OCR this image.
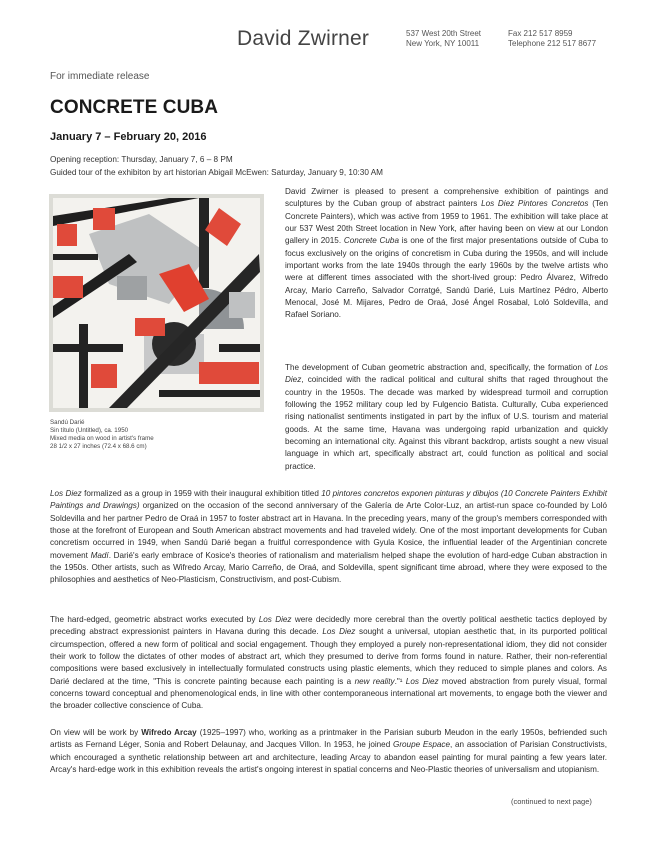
David Zwirner	537 West 20th Street
New York, NY 10011
Fax 212 517 8959
Telephone 212 517 8677
For immediate release
CONCRETE CUBA
January 7 – February 20, 2016
Opening reception: Thursday, January 7, 6 – 8 PM
Guided tour of the exhibiton by art historian Abigail McEwen: Saturday, January 9, 10:30 AM
Sandú Darié
Sin título (Untitled), ca. 1950
Mixed media on wood in artist's frame
28 1/2 x 27 inches (72.4 x 68.6 cm)

David Zwirner is pleased to present a comprehensive exhibition of paintings and sculptures by the Cuban group of abstract painters Los Diez Pintores Concretos (Ten Concrete Painters), which was active from 1959 to 1961. The exhibition will take place at our 537 West 20th Street location in New York, after having been on view at our London gallery in 2015. Concrete Cuba is one of the first major presentations outside of Cuba to focus exclusively on the origins of concretism in Cuba during the 1950s, and will include important works from the late 1940s through the early 1960s by the twelve artists who were at different times associated with the short-lived group: Pedro Álvarez, Wifredo Arcay, Mario Carreño, Salvador Corratgé, Sandú Darié, Luis Martínez Pédro, Alberto Menocal, José M. Mijares, Pedro de Oraá, José Ángel Rosabal, Loló Soldevilla, and Rafael Soriano.

The development of Cuban geometric abstraction and, specifically, the formation of Los Diez, coincided with the radical political and cultural shifts that raged throughout the country in the 1950s. The decade was marked by widespread turmoil and corruption following the 1952 military coup led by Fulgencio Batista. Culturally, Cuba experienced rising nationalist sentiments instigated in part by the influx of U.S. tourism and material goods. At the same time, Havana was undergoing rapid urbanization and quickly becoming an international city. Against this vibrant backdrop, artists sought a new visual language in which art, specifically abstract art, could function as political and social practice.

Los Diez formalized as a group in 1959 with their inaugural exhibition titled 10 pintores concretos exponen pinturas y dibujos (10 Concrete Painters Exhibit Paintings and Drawings) organized on the occasion of the second anniversary of the Galería de Arte Color-Luz, an artist-run space co-founded by Loló Soldevilla and her partner Pedro de Oraá in 1957 to foster abstract art in Havana. In the preceding years, many of the group's members corresponded with those at the forefront of European and South American abstract movements and had traveled widely. One of the most important developments for Cuban concretism occurred in 1949, when Sandú Darié began a fruitful correspondence with Gyula Kosice, the influential leader of the Argentinian concrete movement Madí. Darié's early embrace of Kosice's theories of rationalism and materialism helped shape the evolution of hard-edge Cuban abstraction in the 1950s. Other artists, such as Wifredo Arcay, Mario Carreño, de Oraá, and Soldevilla, spent significant time abroad, where they were exposed to the philosophies and aesthetics of Neo-Plasticism, Constructivism, and post-Cubism.

The hard-edged, geometric abstract works executed by Los Diez were decidedly more cerebral than the overtly political aesthetic tactics deployed by preceding abstract expressionist painters in Havana during this decade. Los Diez sought a universal, utopian aesthetic that, in its purported political circumspection, offered a new form of political and social engagement. Though they employed a purely non-representational idiom, they did not consider their work to follow the dictates of other modes of abstract art, which they presumed to derive from forms found in nature. Rather, their non-referential compositions were based exclusively in intellectually formulated constructs using plastic elements, which they reduced to simple planes and colors. As Darié declared at the time, "This is concrete painting because each painting is a new reality."¹ Los Diez moved abstraction from purely visual, formal concerns toward conceptual and phenomenological ends, in line with other contemporaneous international art movements, to engage both the viewer and the broader collective conscience of Cuba.

On view will be work by Wifredo Arcay (1925–1997) who, working as a printmaker in the Parisian suburb Meudon in the early 1950s, befriended such artists as Fernand Léger, Sonia and Robert Delaunay, and Jacques Villon. In 1953, he joined Groupe Espace, an association of Parisian Constructivists, which encouraged a synthetic relationship between art and architecture, leading Arcay to abandon easel painting for mural painting a few years later. Arcay's hard-edge work in this exhibition reveals the artist's ongoing interest in spatial concerns and Neo-Plastic theories of universalism and utopianism.

(continued to next page)
